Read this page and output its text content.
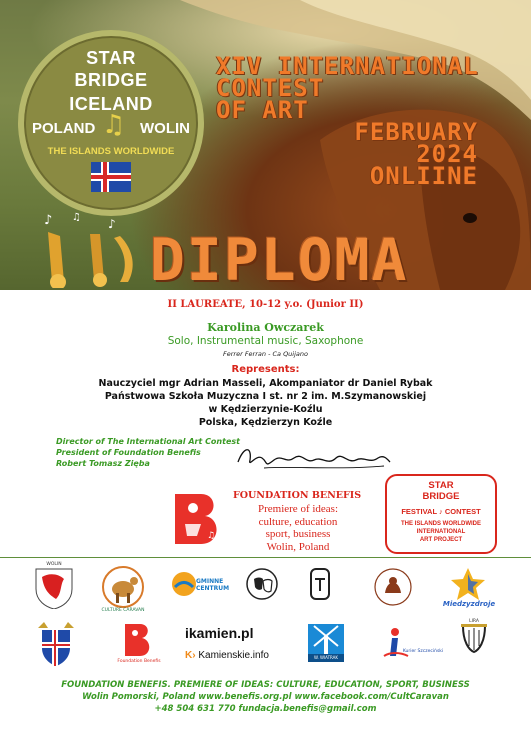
STAR
BRIDGE
ICELAND
POLAND ♫ WOLIN
THE ISLANDS WORLDWIDE
XIV INTERNATIONAL
CONTEST
OF ART
FEBRUARY
2024
ONLIINE
♪ ♫ ♪
DIPLOMA
II LAUREATE, 10-12 y.o. (Junior II)
Karolina Owczarek
Solo, Instrumental music, Saxophone
Ferrer Ferran - Ca Quijano
Represents:
Nauczyciel mgr Adrian Masseli, Akompaniator dr Daniel Rybak
Państwowa Szkoła Muzyczna I st. nr 2 im. M.Szymanowskiej
w Kędzierzynie-Koźlu
Polska, Kędzierzyn Koźle
Director of The International Art Contest
President of Foundation Benefis
Robert Tomasz Zięba
♫
FOUNDATION BENEFIS
Premiere of ideas:
culture, education
sport, business
Wolin, Poland
STAR
BRIDGE
FESTIVAL ♪ CONTEST
THE ISLANDS WORLDWIDE
INTERNATIONAL
ART PROJECT
WOLIN
CULTURE CARAVAN
GMINNE CENTRUM
Miedzyzdroje
Foundation Benefis
ikamien.pl
K› Kamienskie.info	W. WIATRAK
Kurier Szczeciński
LIRA
FOUNDATION BENEFIS. PREMIERE OF IDEAS: CULTURE, EDUCATION, SPORT, BUSINESS
Wolin Pomorski, Poland www.benefis.org.pl www.facebook.com/CultCaravan
+48 504 631 770 fundacja.benefis@gmail.com
